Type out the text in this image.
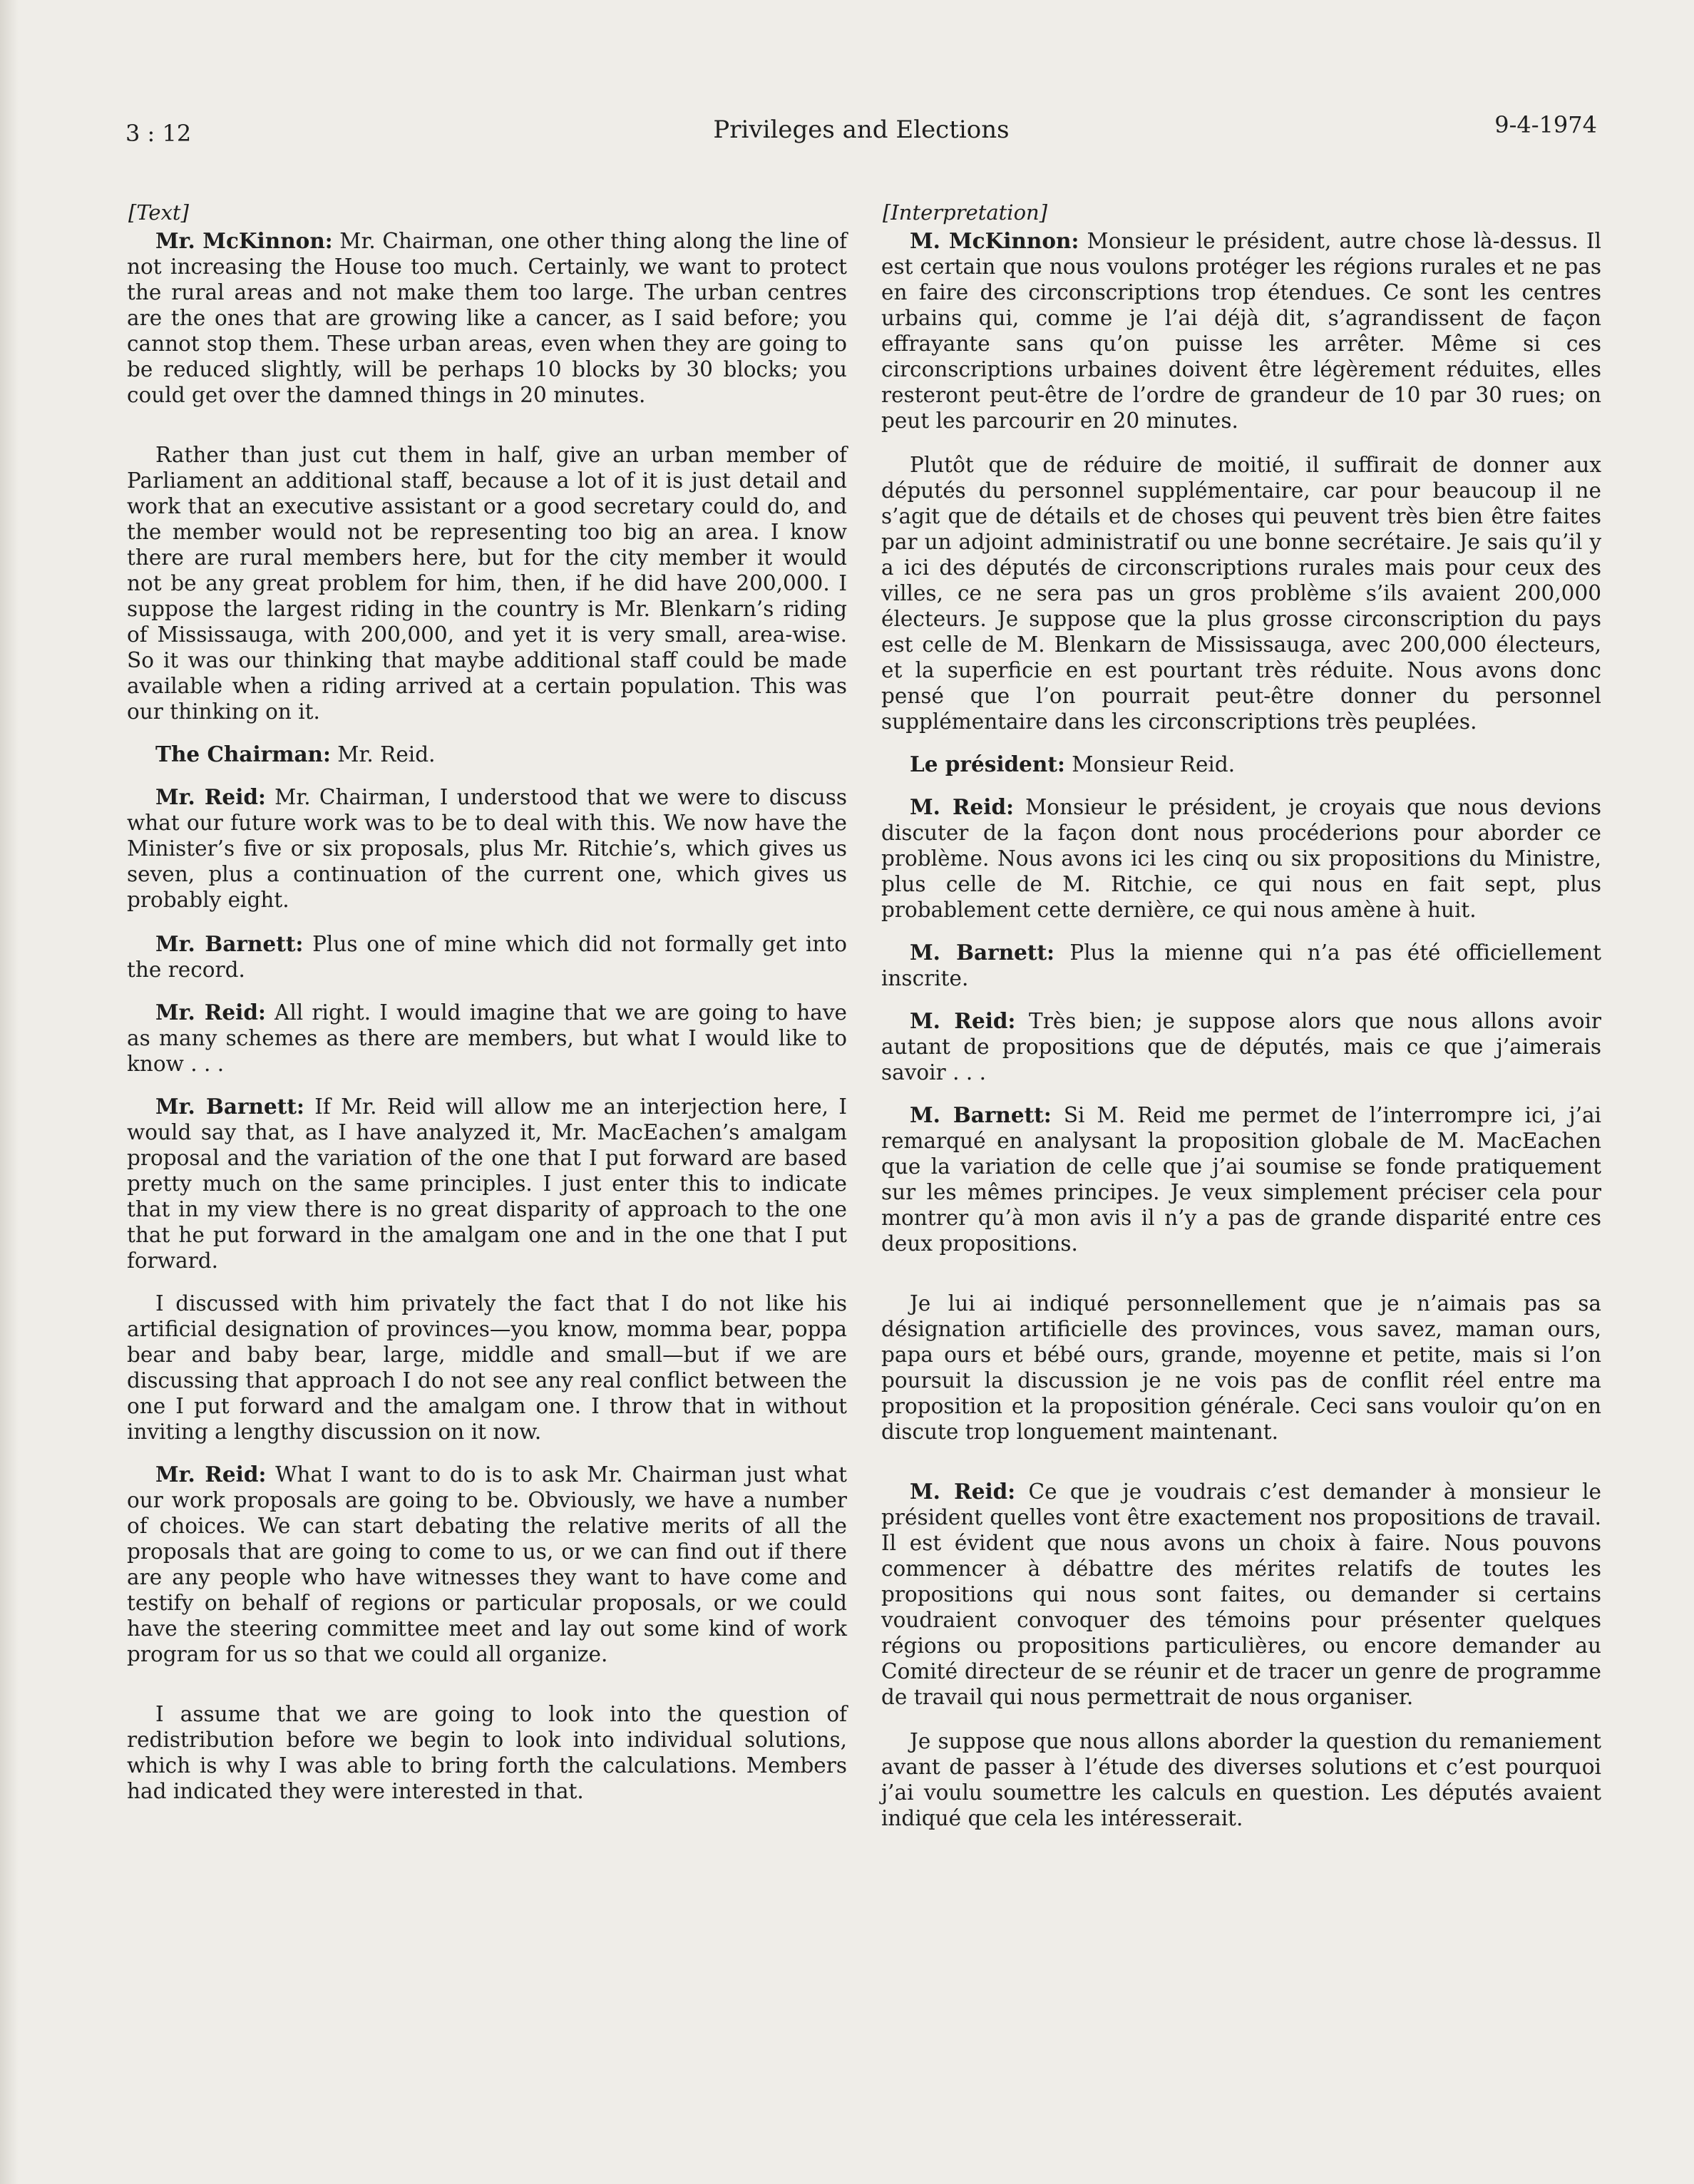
3 : 12	Privileges and Elections	9-4-1974
[Text]

Mr. McKinnon: Mr. Chairman, one other thing along the line of not increasing the House too much. Certainly, we want to protect the rural areas and not make them too large. The urban centres are the ones that are growing like a cancer, as I said before; you cannot stop them. These urban areas, even when they are going to be reduced slightly, will be perhaps 10 blocks by 30 blocks; you could get over the damned things in 20 minutes.

Rather than just cut them in half, give an urban member of Parliament an additional staff, because a lot of it is just detail and work that an executive assistant or a good secretary could do, and the member would not be representing too big an area. I know there are rural members here, but for the city member it would not be any great problem for him, then, if he did have 200,000. I suppose the largest riding in the country is Mr. Blenkarn’s riding of Mississauga, with 200,000, and yet it is very small, area-wise. So it was our thinking that maybe additional staff could be made available when a riding arrived at a certain population. This was our thinking on it.

The Chairman: Mr. Reid.

Mr. Reid: Mr. Chairman, I understood that we were to discuss what our future work was to be to deal with this. We now have the Minister’s five or six proposals, plus Mr. Ritchie’s, which gives us seven, plus a continuation of the current one, which gives us probably eight.

Mr. Barnett: Plus one of mine which did not formally get into the record.

Mr. Reid: All right. I would imagine that we are going to have as many schemes as there are members, but what I would like to know . . .

Mr. Barnett: If Mr. Reid will allow me an interjection here, I would say that, as I have analyzed it, Mr. MacEachen’s amalgam proposal and the variation of the one that I put forward are based pretty much on the same principles. I just enter this to indicate that in my view there is no great disparity of approach to the one that he put forward in the amalgam one and in the one that I put forward.

I discussed with him privately the fact that I do not like his artificial designation of provinces—you know, momma bear, poppa bear and baby bear, large, middle and small—but if we are discussing that approach I do not see any real conflict between the one I put forward and the amalgam one. I throw that in without inviting a lengthy discussion on it now.

Mr. Reid: What I want to do is to ask Mr. Chairman just what our work proposals are going to be. Obviously, we have a number of choices. We can start debating the relative merits of all the proposals that are going to come to us, or we can find out if there are any people who have witnesses they want to have come and testify on behalf of regions or particular proposals, or we could have the steering committee meet and lay out some kind of work program for us so that we could all organize.

I assume that we are going to look into the question of redistribution before we begin to look into individual solutions, which is why I was able to bring forth the calculations. Members had indicated they were interested in that.

[Interpretation]

M. McKinnon: Monsieur le président, autre chose là-dessus. Il est certain que nous voulons protéger les régions rurales et ne pas en faire des circonscriptions trop étendues. Ce sont les centres urbains qui, comme je l’ai déjà dit, s’agrandissent de façon effrayante sans qu’on puisse les arrêter. Même si ces circonscriptions urbaines doivent être légèrement réduites, elles resteront peut-être de l’ordre de grandeur de 10 par 30 rues; on peut les parcourir en 20 minutes.

Plutôt que de réduire de moitié, il suffirait de donner aux députés du personnel supplémentaire, car pour beaucoup il ne s’agit que de détails et de choses qui peuvent très bien être faites par un adjoint administratif ou une bonne secrétaire. Je sais qu’il y a ici des députés de circonscriptions rurales mais pour ceux des villes, ce ne sera pas un gros problème s’ils avaient 200,000 électeurs. Je suppose que la plus grosse circonscription du pays est celle de M. Blenkarn de Mississauga, avec 200,000 électeurs, et la superficie en est pourtant très réduite. Nous avons donc pensé que l’on pourrait peut-être donner du personnel supplémentaire dans les circonscriptions très peuplées.

Le président: Monsieur Reid.

M. Reid: Monsieur le président, je croyais que nous devions discuter de la façon dont nous procéderions pour aborder ce problème. Nous avons ici les cinq ou six propositions du Ministre, plus celle de M. Ritchie, ce qui nous en fait sept, plus probablement cette dernière, ce qui nous amène à huit.

M. Barnett: Plus la mienne qui n’a pas été officiellement inscrite.

M. Reid: Très bien; je suppose alors que nous allons avoir autant de propositions que de députés, mais ce que j’aimerais savoir . . .

M. Barnett: Si M. Reid me permet de l’interrompre ici, j’ai remarqué en analysant la proposition globale de M. MacEachen que la variation de celle que j’ai soumise se fonde pratiquement sur les mêmes principes. Je veux simplement préciser cela pour montrer qu’à mon avis il n’y a pas de grande disparité entre ces deux propositions.

Je lui ai indiqué personnellement que je n’aimais pas sa désignation artificielle des provinces, vous savez, maman ours, papa ours et bébé ours, grande, moyenne et petite, mais si l’on poursuit la discussion je ne vois pas de conflit réel entre ma proposition et la proposition générale. Ceci sans vouloir qu’on en discute trop longuement maintenant.

M. Reid: Ce que je voudrais c’est demander à monsieur le président quelles vont être exactement nos propositions de travail. Il est évident que nous avons un choix à faire. Nous pouvons commencer à débattre des mérites relatifs de toutes les propositions qui nous sont faites, ou demander si certains voudraient convoquer des témoins pour présenter quelques régions ou propositions particulières, ou encore demander au Comité directeur de se réunir et de tracer un genre de programme de travail qui nous permettrait de nous organiser.

Je suppose que nous allons aborder la question du remaniement avant de passer à l’étude des diverses solutions et c’est pourquoi j’ai voulu soumettre les calculs en question. Les députés avaient indiqué que cela les intéresserait.
